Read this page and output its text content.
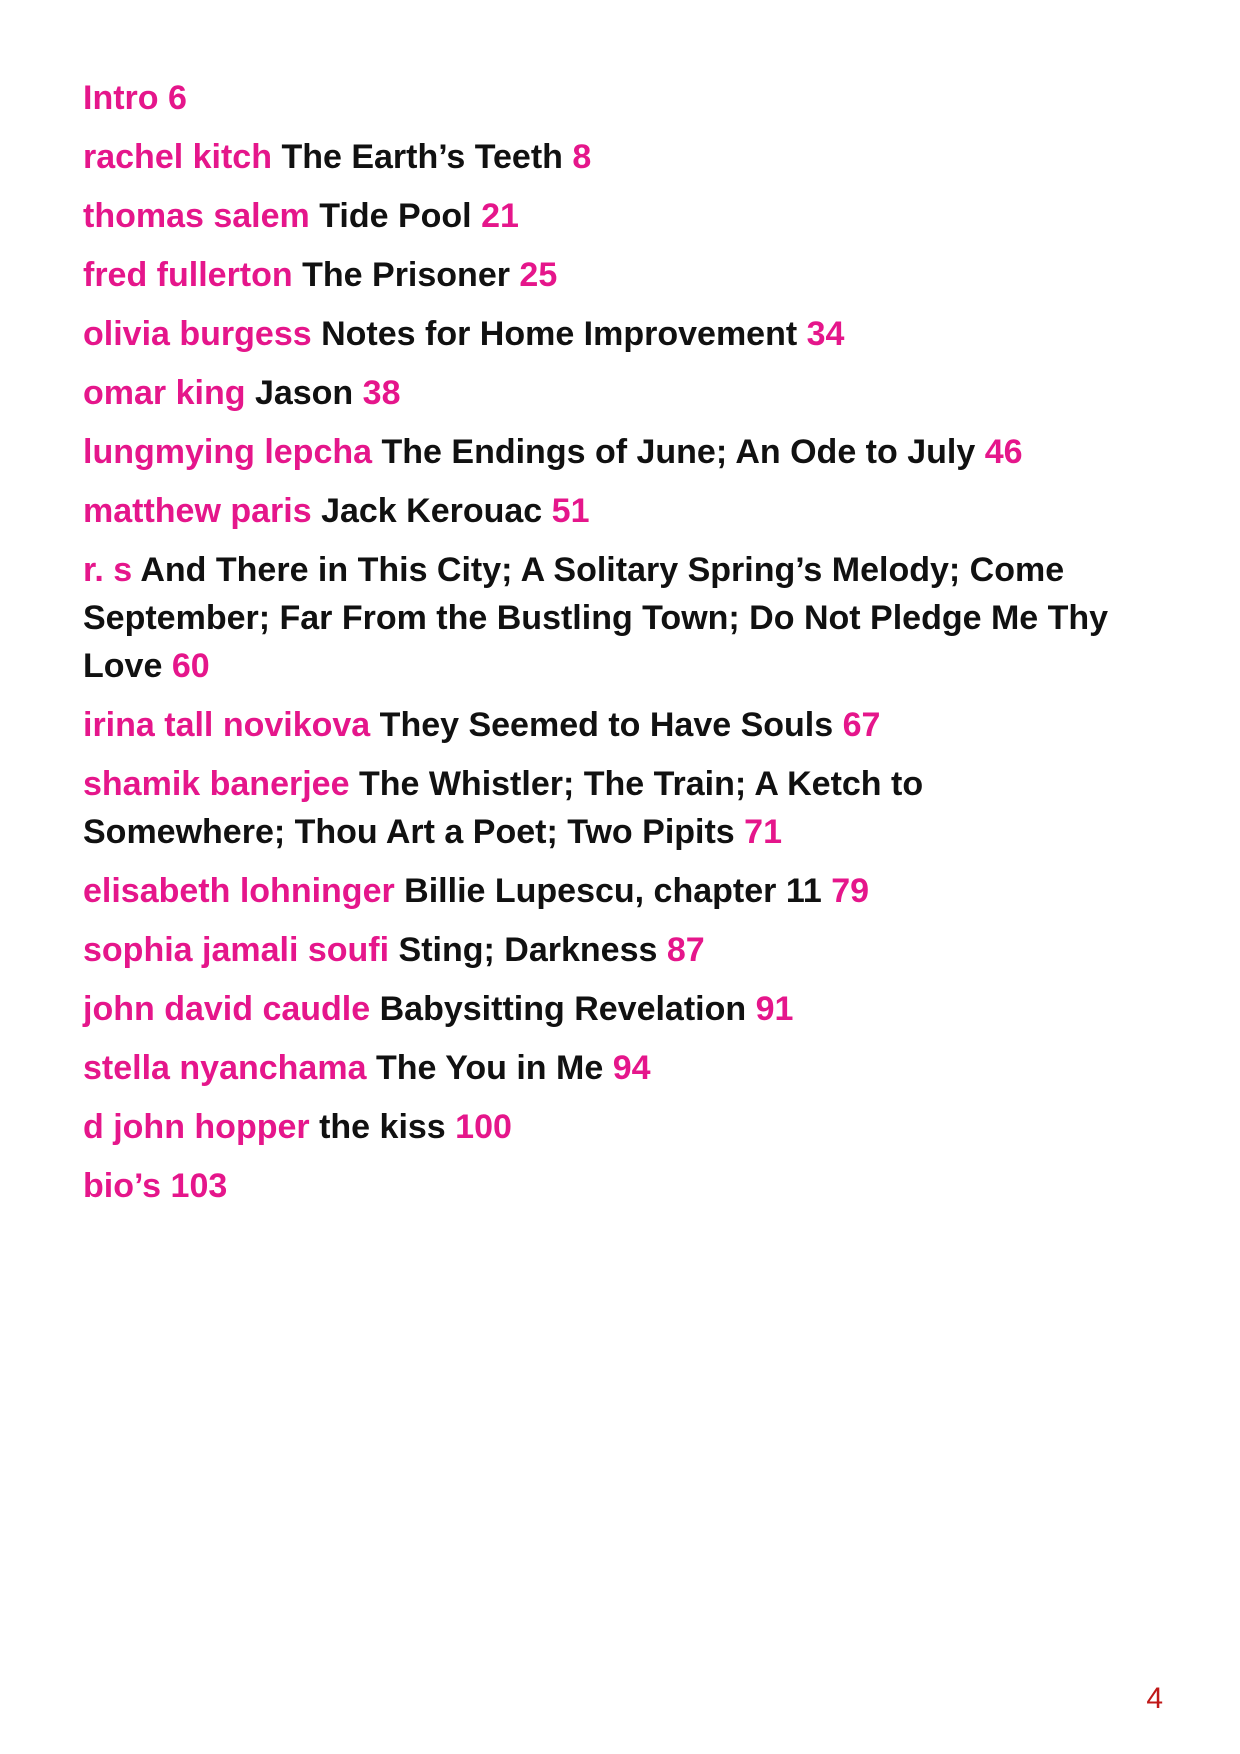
Intro 6
rachel kitch The Earth’s Teeth 8
thomas salem Tide Pool 21
fred fullerton The Prisoner 25
olivia burgess Notes for Home Improvement 34
omar king Jason 38
lungmying lepcha The Endings of June; An Ode to July 46
matthew paris Jack Kerouac 51
r. s And There in This City; A Solitary Spring’s Melody; Come September; Far From the Bustling Town; Do Not Pledge Me Thy Love 60
irina tall novikova They Seemed to Have Souls 67
shamik banerjee The Whistler; The Train; A Ketch to Somewhere; Thou Art a Poet; Two Pipits 71
elisabeth lohninger Billie Lupescu, chapter 11 79
sophia jamali soufi Sting; Darkness 87
john david caudle Babysitting Revelation 91
stella nyanchama The You in Me 94
d john hopper the kiss 100
bio’s 103
4
